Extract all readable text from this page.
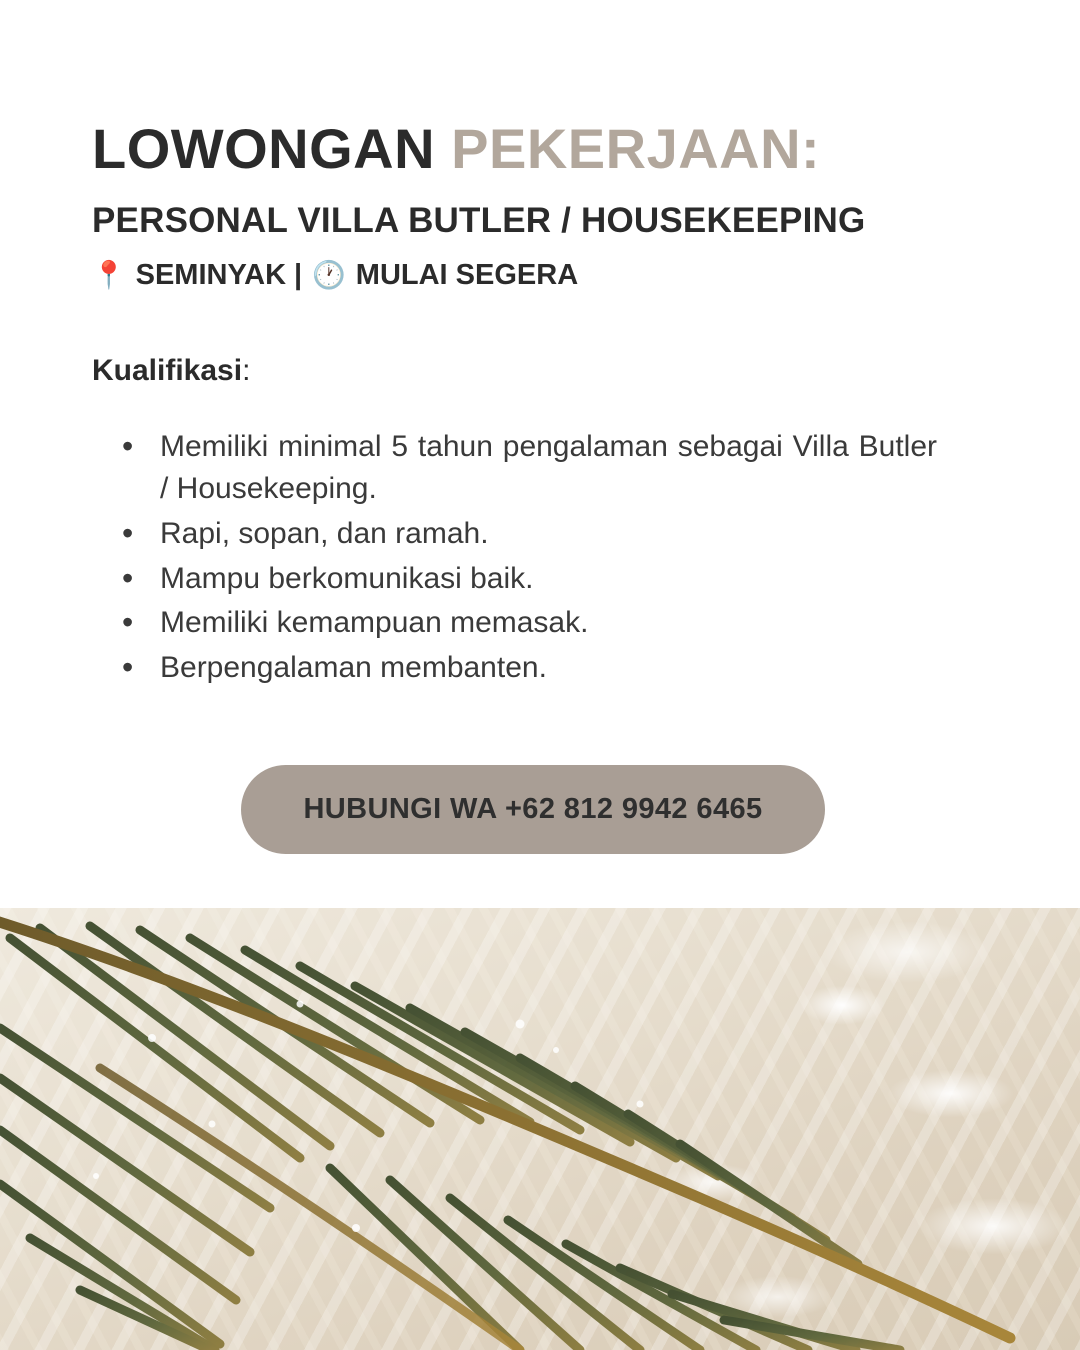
LOWONGAN PEKERJAAN:
PERSONAL VILLA BUTLER / HOUSEKEEPING
📍 SEMINYAK | 🕐 MULAI SEGERA

Kualifikasi:

• Memiliki minimal 5 tahun pengalaman sebagai Villa Butler / Housekeeping.
• Rapi, sopan, dan ramah.
• Mampu berkomunikasi baik.
• Memiliki kemampuan memasak.
• Berpengalaman membanten.
HUBUNGI WA +62 812 9942 6465
